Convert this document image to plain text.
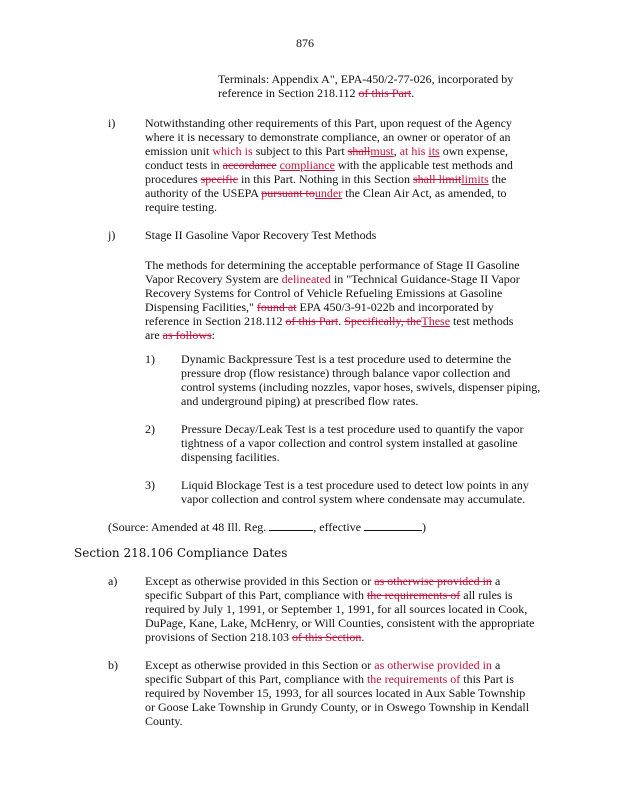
876
Terminals: Appendix A", EPA-450/2-77-026, incorporated by reference in Section 218.112 of this Part.
i) Notwithstanding other requirements of this Part, upon request of the Agency where it is necessary to demonstrate compliance, an owner or operator of an emission unit which is subject to this Part shallmust, at his its own expense, conduct tests in accordance compliance with the applicable test methods and procedures specific in this Part. Nothing in this Section shall limitlimits the authority of the USEPA pursuant tounder the Clean Air Act, as amended, to require testing.
j) Stage II Gasoline Vapor Recovery Test Methods
The methods for determining the acceptable performance of Stage II Gasoline Vapor Recovery System are delineated in "Technical Guidance-Stage II Vapor Recovery Systems for Control of Vehicle Refueling Emissions at Gasoline Dispensing Facilities," found at EPA 450/3-91-022b and incorporated by reference in Section 218.112 of this Part. Specifically, theThese test methods are as follows:
1) Dynamic Backpressure Test is a test procedure used to determine the pressure drop (flow resistance) through balance vapor collection and control systems (including nozzles, vapor hoses, swivels, dispenser piping, and underground piping) at prescribed flow rates.
2) Pressure Decay/Leak Test is a test procedure used to quantify the vapor tightness of a vapor collection and control system installed at gasoline dispensing facilities.
3) Liquid Blockage Test is a test procedure used to detect low points in any vapor collection and control system where condensate may accumulate.
(Source: Amended at 48 Ill. Reg.	, effective	)
Section 218.106 Compliance Dates
a) Except as otherwise provided in this Section or as otherwise provided in a specific Subpart of this Part, compliance with the requirements of all rules is required by July 1, 1991, or September 1, 1991, for all sources located in Cook, DuPage, Kane, Lake, McHenry, or Will Counties, consistent with the appropriate provisions of Section 218.103 of this Section.
b) Except as otherwise provided in this Section or as otherwise provided in a specific Subpart of this Part, compliance with the requirements of this Part is required by November 15, 1993, for all sources located in Aux Sable Township or Goose Lake Township in Grundy County, or in Oswego Township in Kendall County.
